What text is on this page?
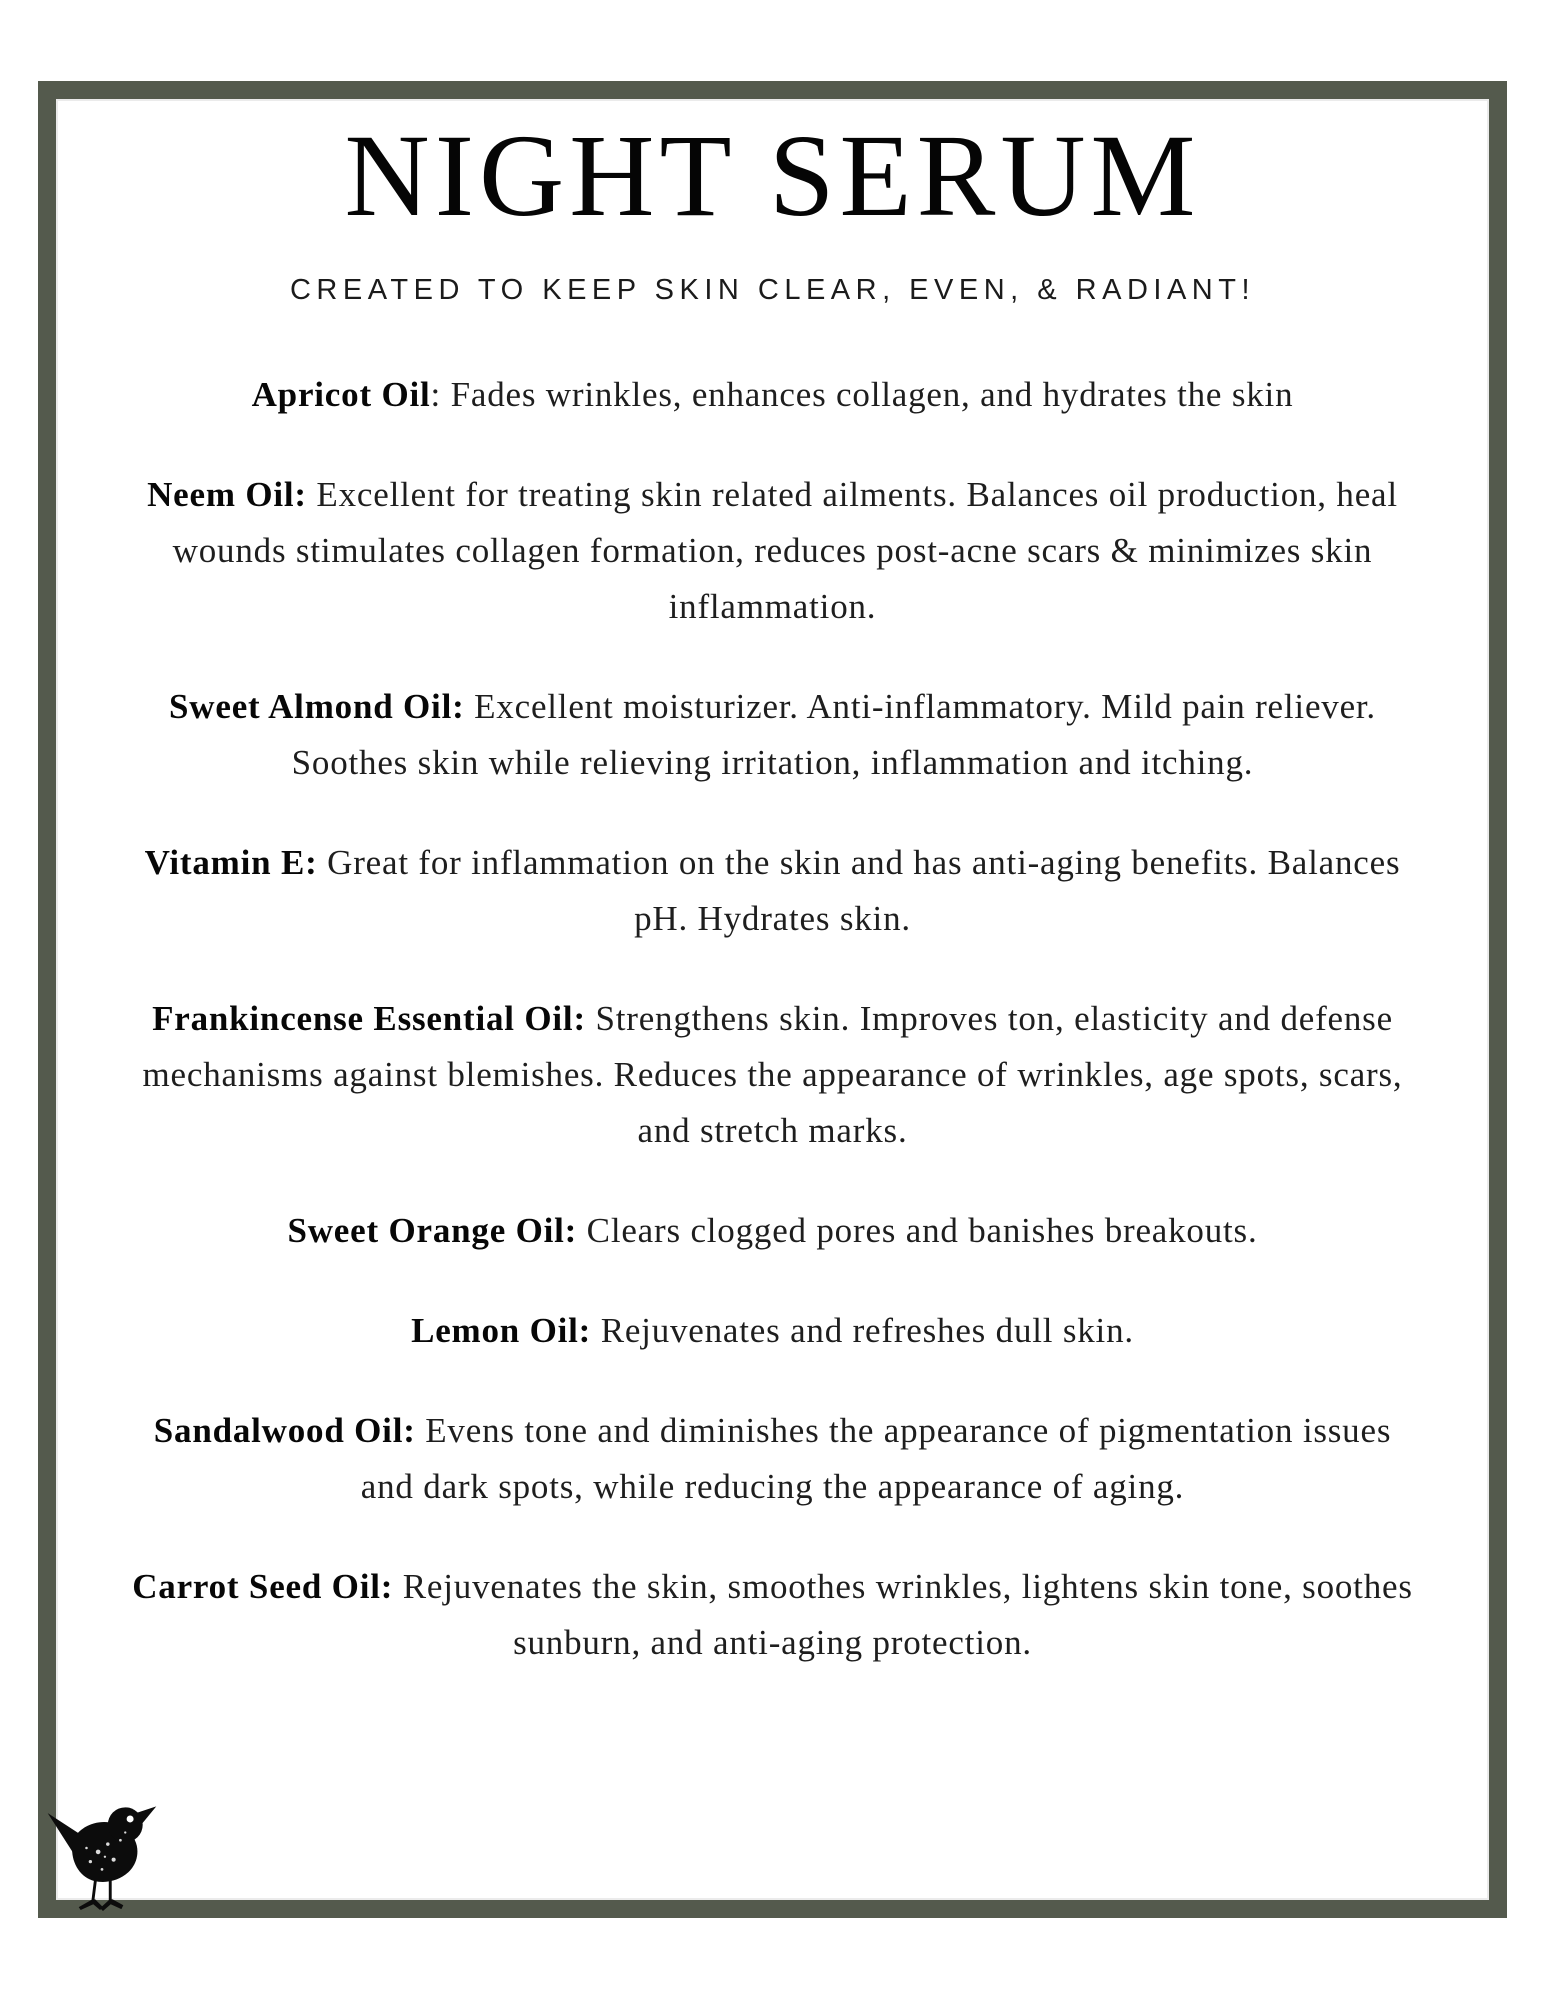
NIGHT SERUM
CREATED TO KEEP SKIN CLEAR, EVEN, & RADIANT!

Apricot Oil: Fades wrinkles, enhances collagen, and hydrates the skin

Neem Oil: Excellent for treating skin related ailments. Balances oil production, heal wounds stimulates collagen formation, reduces post-acne scars & minimizes skin inflammation.

Sweet Almond Oil: Excellent moisturizer. Anti-inflammatory. Mild pain reliever. Soothes skin while relieving irritation, inflammation and itching.

Vitamin E: Great for inflammation on the skin and has anti-aging benefits. Balances pH. Hydrates skin.

Frankincense Essential Oil: Strengthens skin. Improves ton, elasticity and defense mechanisms against blemishes. Reduces the appearance of wrinkles, age spots, scars, and stretch marks.

Sweet Orange Oil: Clears clogged pores and banishes breakouts.

Lemon Oil: Rejuvenates and refreshes dull skin.

Sandalwood Oil: Evens tone and diminishes the appearance of pigmentation issues and dark spots, while reducing the appearance of aging.

Carrot Seed Oil: Rejuvenates the skin, smoothes wrinkles, lightens skin tone, soothes sunburn, and anti-aging protection.
